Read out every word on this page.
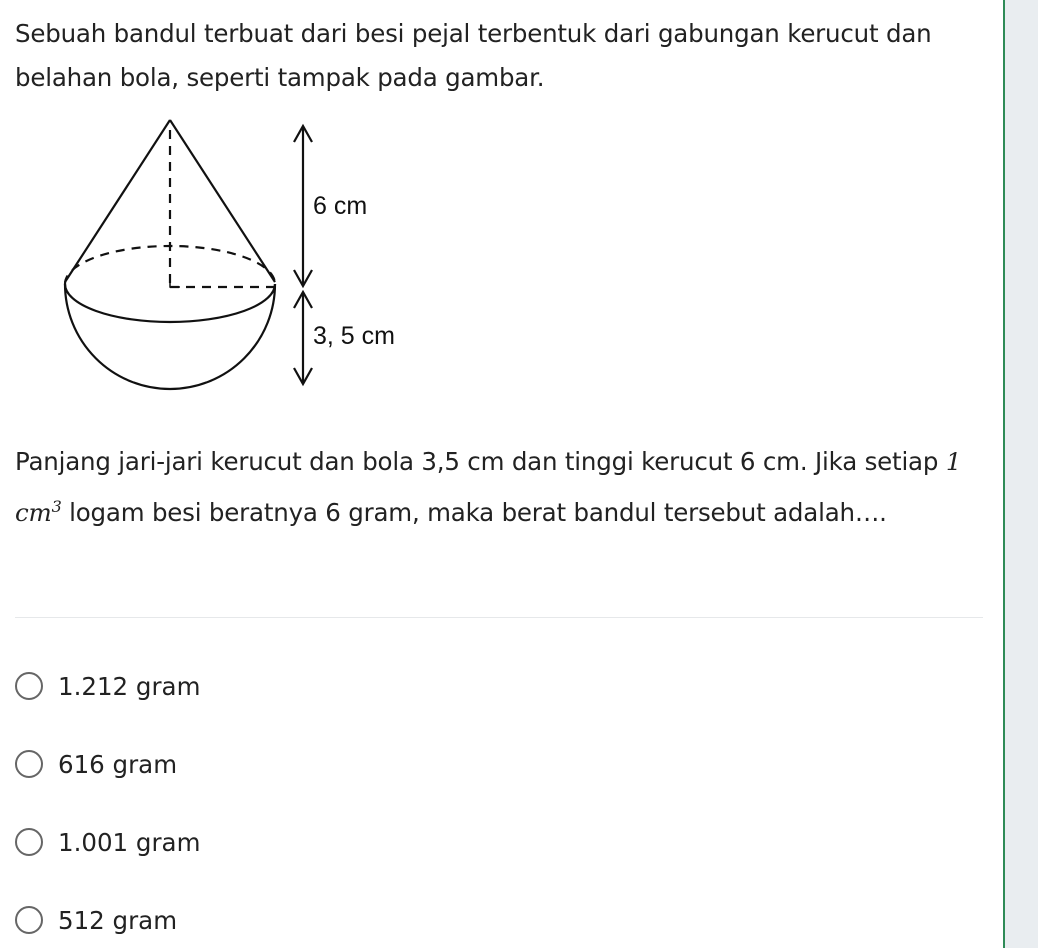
Sebuah bandul terbuat dari besi pejal terbentuk dari gabungan kerucut dan belahan bola, seperti tampak pada gambar.

6 cm
3, 5 cm
Panjang jari-jari kerucut dan bola 3,5 cm dan tinggi kerucut 6 cm. Jika setiap 1 $cm^3$ logam besi beratnya 6 gram, maka berat bandul tersebut adalah….
1.212 gram
616 gram
1.001 gram
512 gram
